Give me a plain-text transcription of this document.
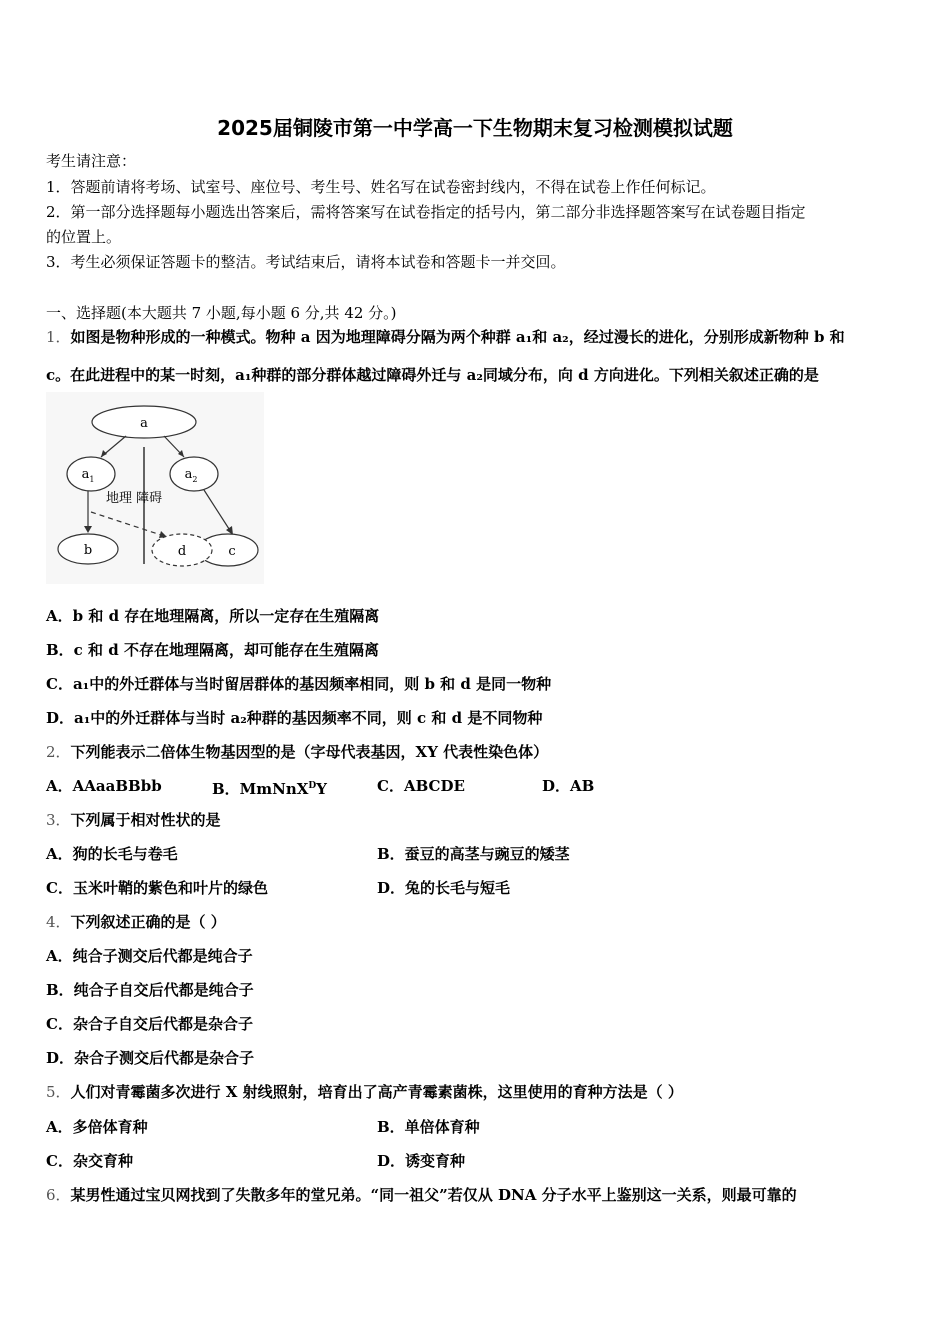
2025届铜陵市第一中学高一下生物期末复习检测模拟试题
考生请注意：
1．答题前请将考场、试室号、座位号、考生号、姓名写在试卷密封线内，不得在试卷上作任何标记。
2．第一部分选择题每小题选出答案后，需将答案写在试卷指定的括号内，第二部分非选择题答案写在试卷题目指定
的位置上。
3．考生必须保证答题卡的整洁。考试结束后，请将本试卷和答题卡一并交回。
一、选择题(本大题共 7 小题,每小题 6 分,共 42 分。)
1．如图是物种形成的一种模式。物种 a 因为地理障碍分隔为两个种群 a₁和 a₂，经过漫长的进化，分别形成新物种 b 和
c。在此进程中的某一时刻，a₁种群的部分群体越过障碍外迁与 a₂同域分布，向 d 方向进化。下列相关叙述正确的是
a
$a_1$	$a_2$
地理 障碍
b	c
d
A．b 和 d 存在地理隔离，所以一定存在生殖隔离
B．c 和 d 不存在地理隔离，却可能存在生殖隔离
C．a₁中的外迁群体与当时留居群体的基因频率相同，则 b 和 d 是同一物种
D．a₁中的外迁群体与当时 a₂种群的基因频率不同，则 c 和 d 是不同物种
2．下列能表示二倍体生物基因型的是（字母代表基因，XY 代表性染色体）
A．AAaaBBbb	B．MmNnX$^D$Y	C．ABCDE	D．AB
3．下列属于相对性状的是
A．狗的长毛与卷毛	B．蚕豆的高茎与豌豆的矮茎
C．玉米叶鞘的紫色和叶片的绿色	D．兔的长毛与短毛
4．下列叙述正确的是（ ）
A．纯合子测交后代都是纯合子
B．纯合子自交后代都是纯合子
C．杂合子自交后代都是杂合子
D．杂合子测交后代都是杂合子
5．人们对青霉菌多次进行 X 射线照射，培育出了高产青霉素菌株，这里使用的育种方法是（ ）
A．多倍体育种	B．单倍体育种
C．杂交育种	D．诱变育种
6．某男性通过宝贝网找到了失散多年的堂兄弟。“同一祖父”若仅从 DNA 分子水平上鉴别这一关系，则最可靠的
